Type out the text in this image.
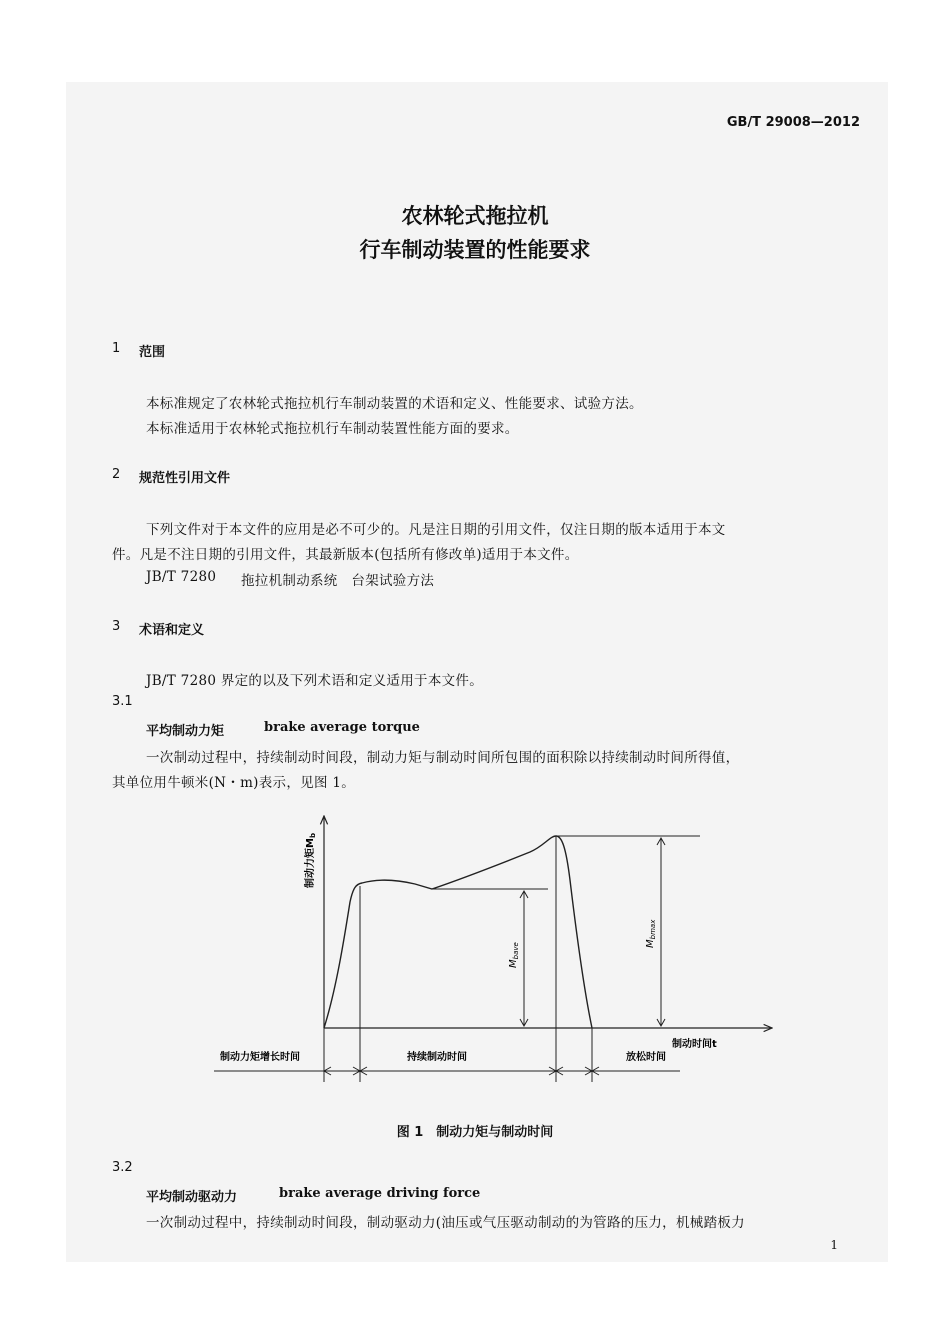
GB/T 29008—2012
农林轮式拖拉机
行车制动装置的性能要求
1 范围
本标准规定了农林轮式拖拉机行车制动装置的术语和定义、性能要求、试验方法。
本标准适用于农林轮式拖拉机行车制动装置性能方面的要求。
2 规范性引用文件
下列文件对于本文件的应用是必不可少的。凡是注日期的引用文件，仅注日期的版本适用于本文
件。凡是不注日期的引用文件，其最新版本(包括所有修改单)适用于本文件。
JB/T 7280 拖拉机制动系统　台架试验方法
3 术语和定义
JB/T 7280 界定的以及下列术语和定义适用于本文件。
3.1
平均制动力矩	brake average torque
一次制动过程中，持续制动时间段，制动力矩与制动时间所包围的面积除以持续制动时间所得值，
其单位用牛顿米(N・m)表示，见图 1。
制动力矩$M_b$
$M_{bave}$	$M_{bmax}$
制动时间t
制动力矩增长时间	持续制动时间	放松时间
图 1　制动力矩与制动时间
3.2
平均制动驱动力	brake average driving force
一次制动过程中，持续制动时间段，制动驱动力(油压或气压驱动制动的为管路的压力，机械踏板力
1
